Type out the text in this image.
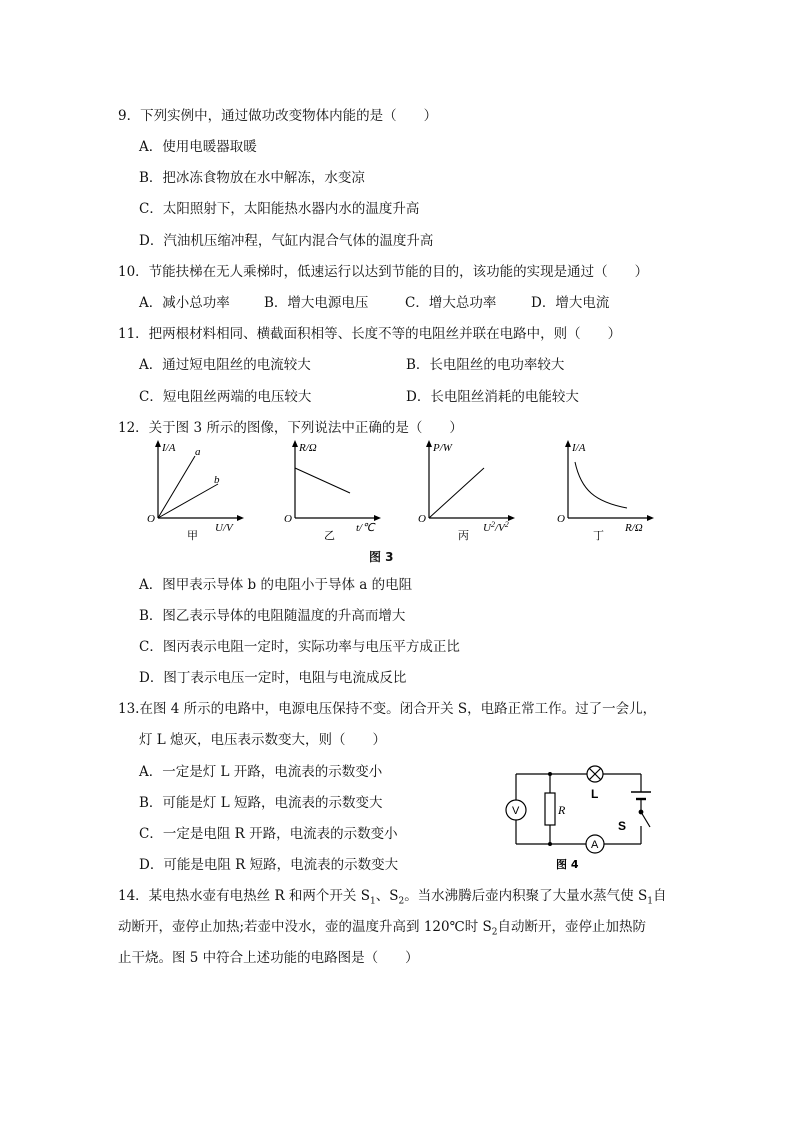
9．下列实例中，通过做功改变物体内能的是（　　）
A．使用电暖器取暖
B．把冰冻食物放在水中解冻，水变凉
C．太阳照射下，太阳能热水器内水的温度升高
D．汽油机压缩冲程，气缸内混合气体的温度升高
10．节能扶梯在无人乘梯时，低速运行以达到节能的目的，该功能的实现是通过（　　）
A．减小总功率	B．增大电源电压	C．增大总功率	D．增大电流
11．把两根材料相同、横截面积相等、长度不等的电阻丝并联在电路中，则（　　）
A．通过短电阻丝的电流较大	B．长电阻丝的电功率较大
C．短电阻丝两端的电压较大	D．长电阻丝消耗的电能较大
12．关于图 3 所示的图像，下列说法中正确的是（　　）
I/A a
b
O
U/V
甲
R/Ω
O
t/℃
乙
P/W
O
$U^2/V^2$
丙
I/A
O
R/Ω
丁
图 3
A．图甲表示导体 b 的电阻小于导体 a 的电阻
B．图乙表示导体的电阻随温度的升高而增大
C．图丙表示电阻一定时，实际功率与电压平方成正比
D．图丁表示电压一定时，电阻与电流成反比
13.在图 4 所示的电路中，电源电压保持不变。闭合开关 S，电路正常工作。过了一会儿，
灯 L 熄灭，电压表示数变大，则（　　）
A．一定是灯 L 开路，电流表的示数变小
B．可能是灯 L 短路，电流表的示数变大
C．一定是电阻 R 开路，电流表的示数变小
D．可能是电阻 R 短路，电流表的示数变大
V
A
R
L
S
图 4
14．某电热水壶有电热丝 R 和两个开关 $S_1$、$S_2$。当水沸腾后壶内积聚了大量水蒸气使 $S_1$自
动断开，壶停止加热;若壶中没水，壶的温度升高到 120℃时 $S_2$自动断开，壶停止加热防
止干烧。图 5 中符合上述功能的电路图是（　　）
